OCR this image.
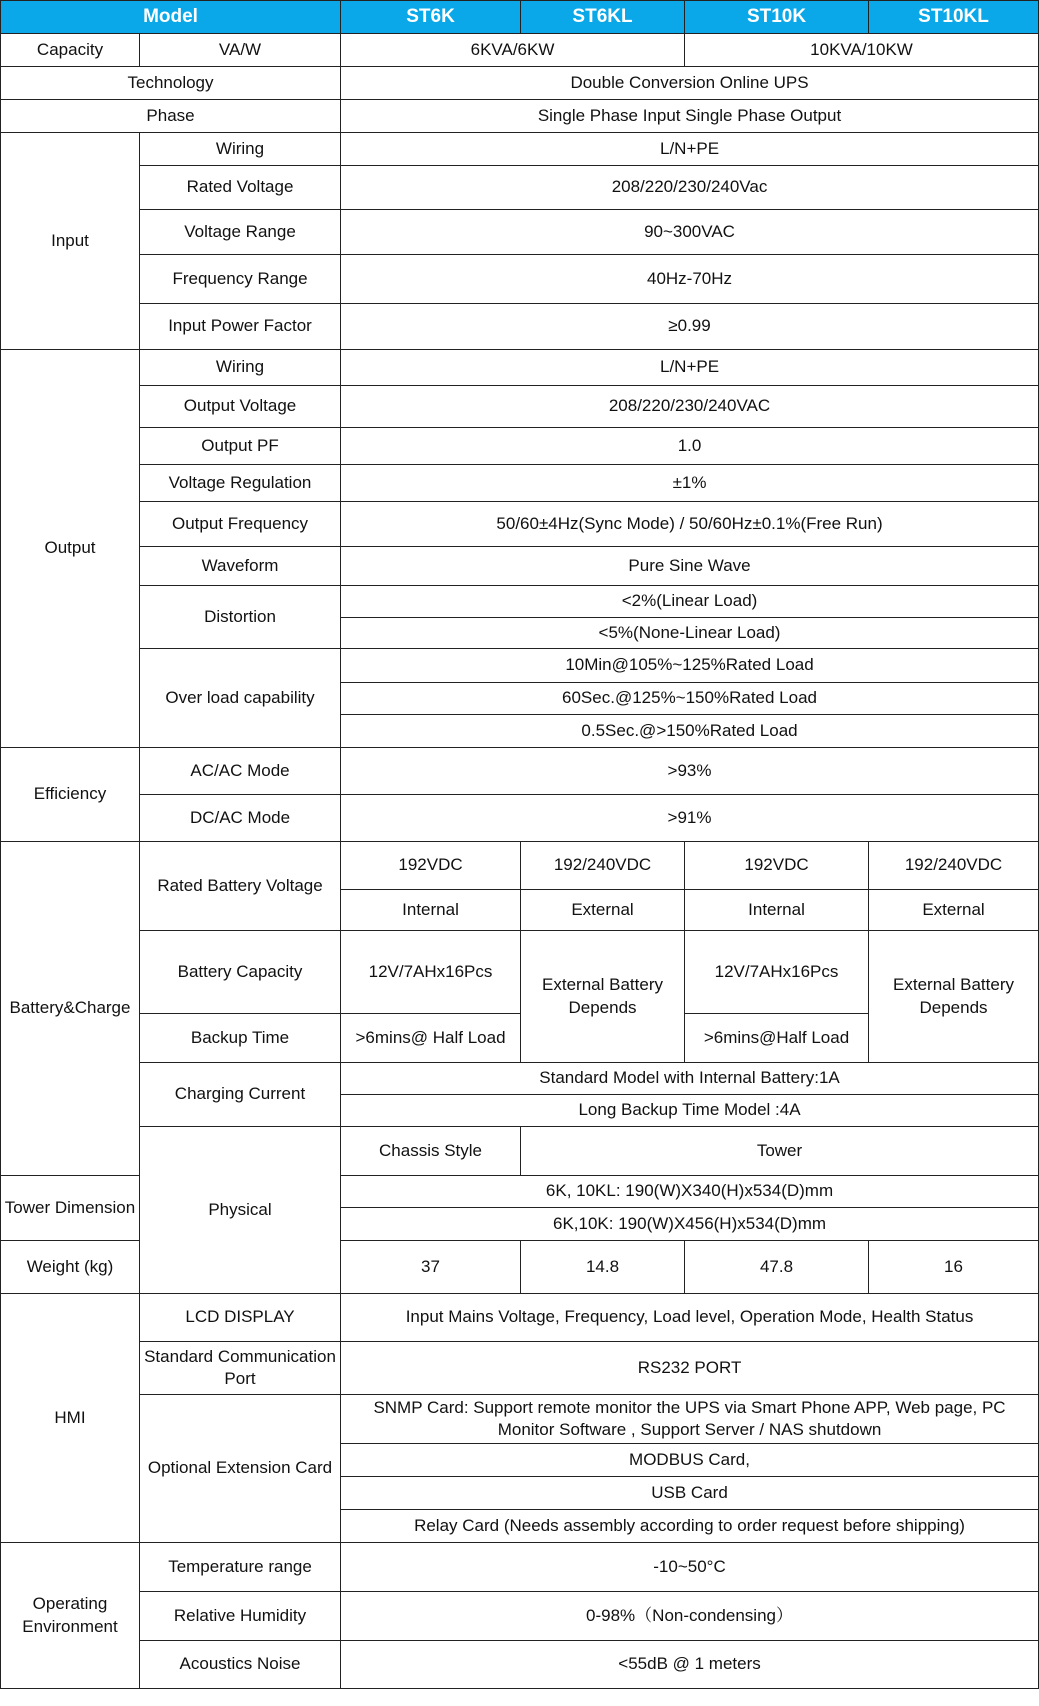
Model		ST6K	ST6KL	ST10K	ST10KL
Capacity	VA/W	6KVA/6KW		10KVA/10KW	
Technology		Double Conversion Online UPS			
Phase		Single Phase Input Single Phase Output			
Input	Wiring	L/N+PE			
	Rated Voltage	208/220/230/240Vac			
	Voltage Range	90~300VAC			
	Frequency Range	40Hz-70Hz			
	Input Power Factor	≥0.99			
Output	Wiring	L/N+PE			
	Output Voltage	208/220/230/240VAC			
	Output PF	1.0			
	Voltage Regulation	±1%			
	Output Frequency	50/60±4Hz(Sync Mode) / 50/60Hz±0.1%(Free Run)			
	Waveform	Pure Sine Wave			
	Distortion	<2%(Linear Load)			
		<5%(None-Linear Load)			
	Over load capability	10Min@105%~125%Rated Load			
		60Sec.@125%~150%Rated Load			
		0.5Sec.@>150%Rated Load			
Efficiency	AC/AC Mode	>93%			
	DC/AC Mode	>91%			
Battery&Charge	Rated Battery Voltage	192VDC	192/240VDC	192VDC	192/240VDC
		Internal	External	Internal	External
	Battery Capacity	12V/7AHx16Pcs	External Battery Depends	12V/7AHx16Pcs	External Battery Depends
	Backup Time	>6mins@ Half Load		>6mins@Half Load	
	Charging Current	Standard Model with Internal Battery:1A			
		Long Backup Time Model :4A			
	Physical	Chassis Style	Tower		
Tower Dimension		6K, 10KL: 190(W)X340(H)x534(D)mm			
		6K,10K: 190(W)X456(H)x534(D)mm			
Weight (kg)		37	14.8	47.8	16
HMI	LCD DISPLAY	Input Mains Voltage, Frequency, Load level, Operation Mode, Health Status			
	Standard Communication Port	RS232 PORT			
	Optional Extension Card	SNMP Card: Support remote monitor the UPS via Smart Phone APP, Web page, PC Monitor Software , Support Server / NAS shutdown			
		MODBUS Card,			
		USB Card			
		Relay Card (Needs assembly according to order request before shipping)			
Operating Environment	Temperature range	-10~50°C			
	Relative Humidity	0-98%（Non-condensing）			
	Acoustics Noise	<55dB @ 1 meters			
